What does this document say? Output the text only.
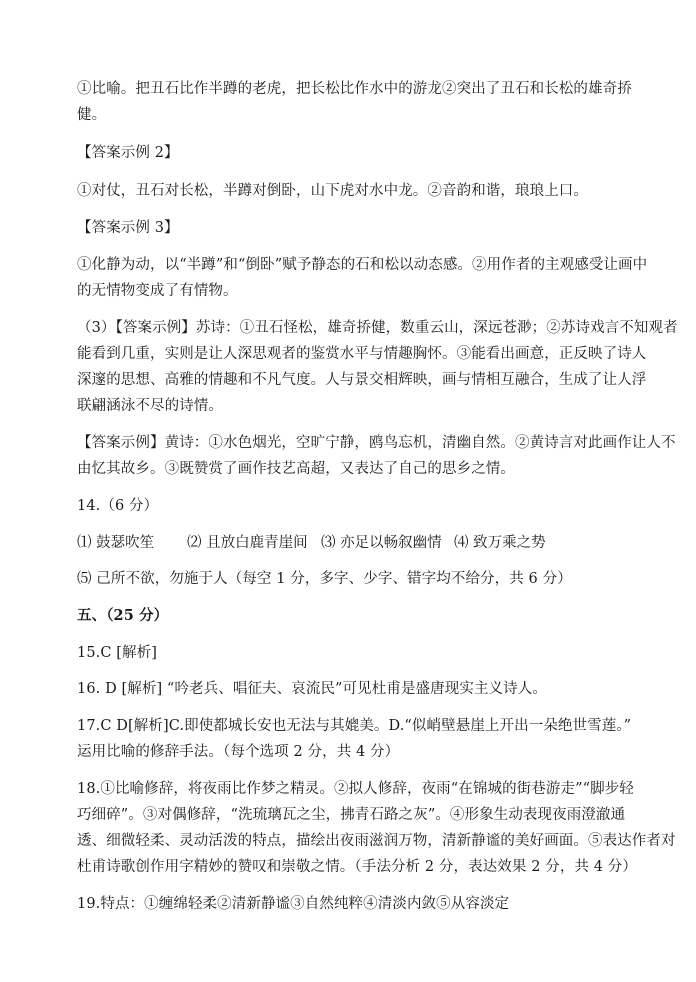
①比喻。把丑石比作半蹲的老虎，把长松比作水中的游龙②突出了丑石和长松的雄奇挢
健。
【答案示例 2】
①对仗，丑石对长松，半蹲对倒卧，山下虎对水中龙。②音韵和谐，琅琅上口。
【答案示例 3】
①化静为动，以“半蹲”和“倒卧”赋予静态的石和松以动态感。②用作者的主观感受让画中
的无情物变成了有情物。
（3）【答案示例】苏诗：①丑石怪松，雄奇挢健，数重云山，深远苍渺；②苏诗戏言不知观者
能看到几重，实则是让人深思观者的鉴赏水平与情趣胸怀。③能看出画意，正反映了诗人
深邃的思想、高雅的情趣和不凡气度。人与景交相辉映，画与情相互融合，生成了让人浮
联翩涵泳不尽的诗情。
【答案示例】黄诗：①水色烟光，空旷宁静，鸥鸟忘机，清幽自然。②黄诗言对此画作让人不
由忆其故乡。③既赞赏了画作技艺高超，又表达了自己的思乡之情。
14.（6 分）
⑴ 鼓瑟吹笙 ⑵ 且放白鹿青崖间 ⑶ 亦足以畅叙幽情 ⑷ 致万乘之势
⑸ 己所不欲，勿施于人（每空 1 分，多字、少字、错字均不给分，共 6 分）
五、（25 分）
15.C [解析]
16. D [解析] “吟老兵、唱征夫、哀流民”可见杜甫是盛唐现实主义诗人。
17.C D[解析]C.即使都城长安也无法与其媲美。D.“似峭壁悬崖上开出一朵绝世雪莲。”
运用比喻的修辞手法。（每个选项 2 分，共 4 分）
18.①比喻修辞，将夜雨比作梦之精灵。②拟人修辞，夜雨“在锦城的街巷游走”“脚步轻
巧细碎”。③对偶修辞，“洗琉璃瓦之尘，拂青石路之灰”。④形象生动表现夜雨澄澈通
透、细微轻柔、灵动活泼的特点，描绘出夜雨滋润万物，清新静谧的美好画面。⑤表达作者对
杜甫诗歌创作用字精妙的赞叹和崇敬之情。（手法分析 2 分，表达效果 2 分，共 4 分）
19.特点：①缠绵轻柔②清新静谧③自然纯粹④清淡内敛⑤从容淡定
